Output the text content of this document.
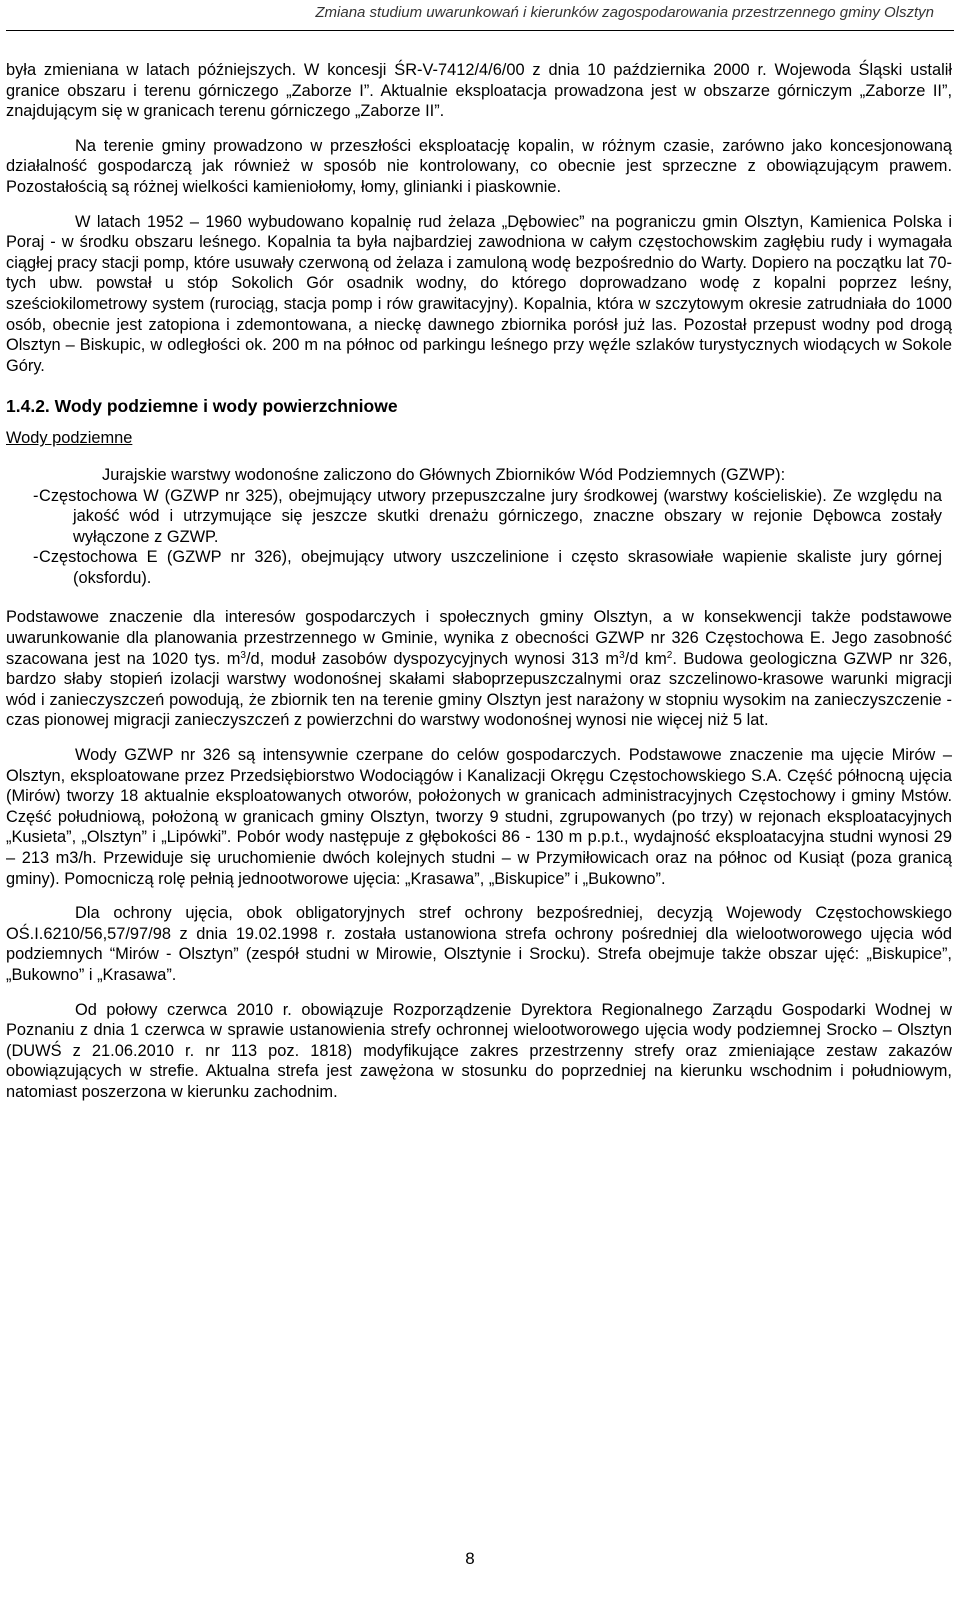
Zmiana studium uwarunkowań i kierunków zagospodarowania przestrzennego gminy Olsztyn

była zmieniana w latach późniejszych. W koncesji ŚR-V-7412/4/6/00 z dnia 10 października 2000 r. Wojewoda Śląski ustalił granice obszaru i terenu górniczego „Zaborze I”. Aktualnie eksploatacja prowadzona jest w obszarze górniczym „Zaborze II”, znajdującym się w granicach terenu górniczego „Zaborze II”.

Na terenie gminy prowadzono w przeszłości eksploatację kopalin, w różnym czasie, zarówno jako koncesjonowaną działalność gospodarczą jak również w sposób nie kontrolowany, co obecnie jest sprzeczne z obowiązującym prawem. Pozostałością są różnej wielkości kamieniołomy, łomy, glinianki i piaskownie.

W latach 1952 – 1960 wybudowano kopalnię rud żelaza „Dębowiec” na pograniczu gmin Olsztyn, Kamienica Polska i Poraj - w środku obszaru leśnego. Kopalnia ta była najbardziej zawodniona w całym częstochowskim zagłębiu rudy i wymagała ciągłej pracy stacji pomp, które usuwały czerwoną od żelaza i zamuloną wodę bezpośrednio do Warty. Dopiero na początku lat 70-tych ubw. powstał u stóp Sokolich Gór osadnik wodny, do którego doprowadzano wodę z kopalni poprzez leśny, sześciokilometrowy system (rurociąg, stacja pomp i rów grawitacyjny). Kopalnia, która w szczytowym okresie zatrudniała do 1000 osób, obecnie jest zatopiona i zdemontowana, a nieckę dawnego zbiornika porósł już las. Pozostał przepust wodny pod drogą Olsztyn – Biskupic, w odległości ok. 200 m na północ od parkingu leśnego przy węźle szlaków turystycznych wiodących w Sokole Góry.

1.4.2. Wody podziemne i wody powierzchniowe
Wody podziemne

Jurajskie warstwy wodonośne zaliczono do Głównych Zbiorników Wód Podziemnych (GZWP):

- Częstochowa W (GZWP nr 325), obejmujący utwory przepuszczalne jury środkowej (warstwy kościeliskie). Ze względu na jakość wód i utrzymujące się jeszcze skutki drenażu górniczego, znaczne obszary w rejonie Dębowca zostały wyłączone z GZWP.
- Częstochowa E (GZWP nr 326), obejmujący utwory uszczelinione i często skrasowiałe wapienie skaliste jury górnej (oksfordu).

Podstawowe znaczenie dla interesów gospodarczych i społecznych gminy Olsztyn, a w konsekwencji także podstawowe uwarunkowanie dla planowania przestrzennego w Gminie, wynika z obecności GZWP nr 326 Częstochowa E. Jego zasobność szacowana jest na 1020 tys. $m^3/d$, moduł zasobów dyspozycyjnych wynosi 313 $m^3/d$ $km^2$. Budowa geologiczna GZWP nr 326, bardzo słaby stopień izolacji warstwy wodonośnej skałami słaboprzepuszczalnymi oraz szczelinowo-krasowe warunki migracji wód i zanieczyszczeń powodują, że zbiornik ten na terenie gminy Olsztyn jest narażony w stopniu wysokim na zanieczyszczenie - czas pionowej migracji zanieczyszczeń z powierzchni do warstwy wodonośnej wynosi nie więcej niż 5 lat.

Wody GZWP nr 326 są intensywnie czerpane do celów gospodarczych. Podstawowe znaczenie ma ujęcie Mirów – Olsztyn, eksploatowane przez Przedsiębiorstwo Wodociągów i Kanalizacji Okręgu Częstochowskiego S.A. Część północną ujęcia (Mirów) tworzy 18 aktualnie eksploatowanych otworów, położonych w granicach administracyjnych Częstochowy i gminy Mstów. Część południową, położoną w granicach gminy Olsztyn, tworzy 9 studni, zgrupowanych (po trzy) w rejonach eksploatacyjnych „Kusieta”, „Olsztyn” i „Lipówki”. Pobór wody następuje z głębokości 86 - 130 m p.p.t., wydajność eksploatacyjna studni wynosi 29 – 213 m3/h. Przewiduje się uruchomienie dwóch kolejnych studni – w Przymiłowicach oraz na północ od Kusiąt (poza granicą gminy). Pomocniczą rolę pełnią jednootworowe ujęcia: „Krasawa”, „Biskupice” i „Bukowno”.

Dla ochrony ujęcia, obok obligatoryjnych stref ochrony bezpośredniej, decyzją Wojewody Częstochowskiego OŚ.I.6210/56,57/97/98 z dnia 19.02.1998 r. została ustanowiona strefa ochrony pośredniej dla wielootworowego ujęcia wód podziemnych “Mirów - Olsztyn” (zespół studni w Mirowie, Olsztynie i Srocku). Strefa obejmuje także obszar ujęć: „Biskupice”, „Bukowno” i „Krasawa”.

Od połowy czerwca 2010 r. obowiązuje Rozporządzenie Dyrektora Regionalnego Zarządu Gospodarki Wodnej w Poznaniu z dnia 1 czerwca w sprawie ustanowienia strefy ochronnej wielootworowego ujęcia wody podziemnej Srocko – Olsztyn (DUWŚ z 21.06.2010 r. nr 113 poz. 1818) modyfikujące zakres przestrzenny strefy oraz zmieniające zestaw zakazów obowiązujących w strefie. Aktualna strefa jest zawężona w stosunku do poprzedniej na kierunku wschodnim i południowym, natomiast poszerzona w kierunku zachodnim.

8
